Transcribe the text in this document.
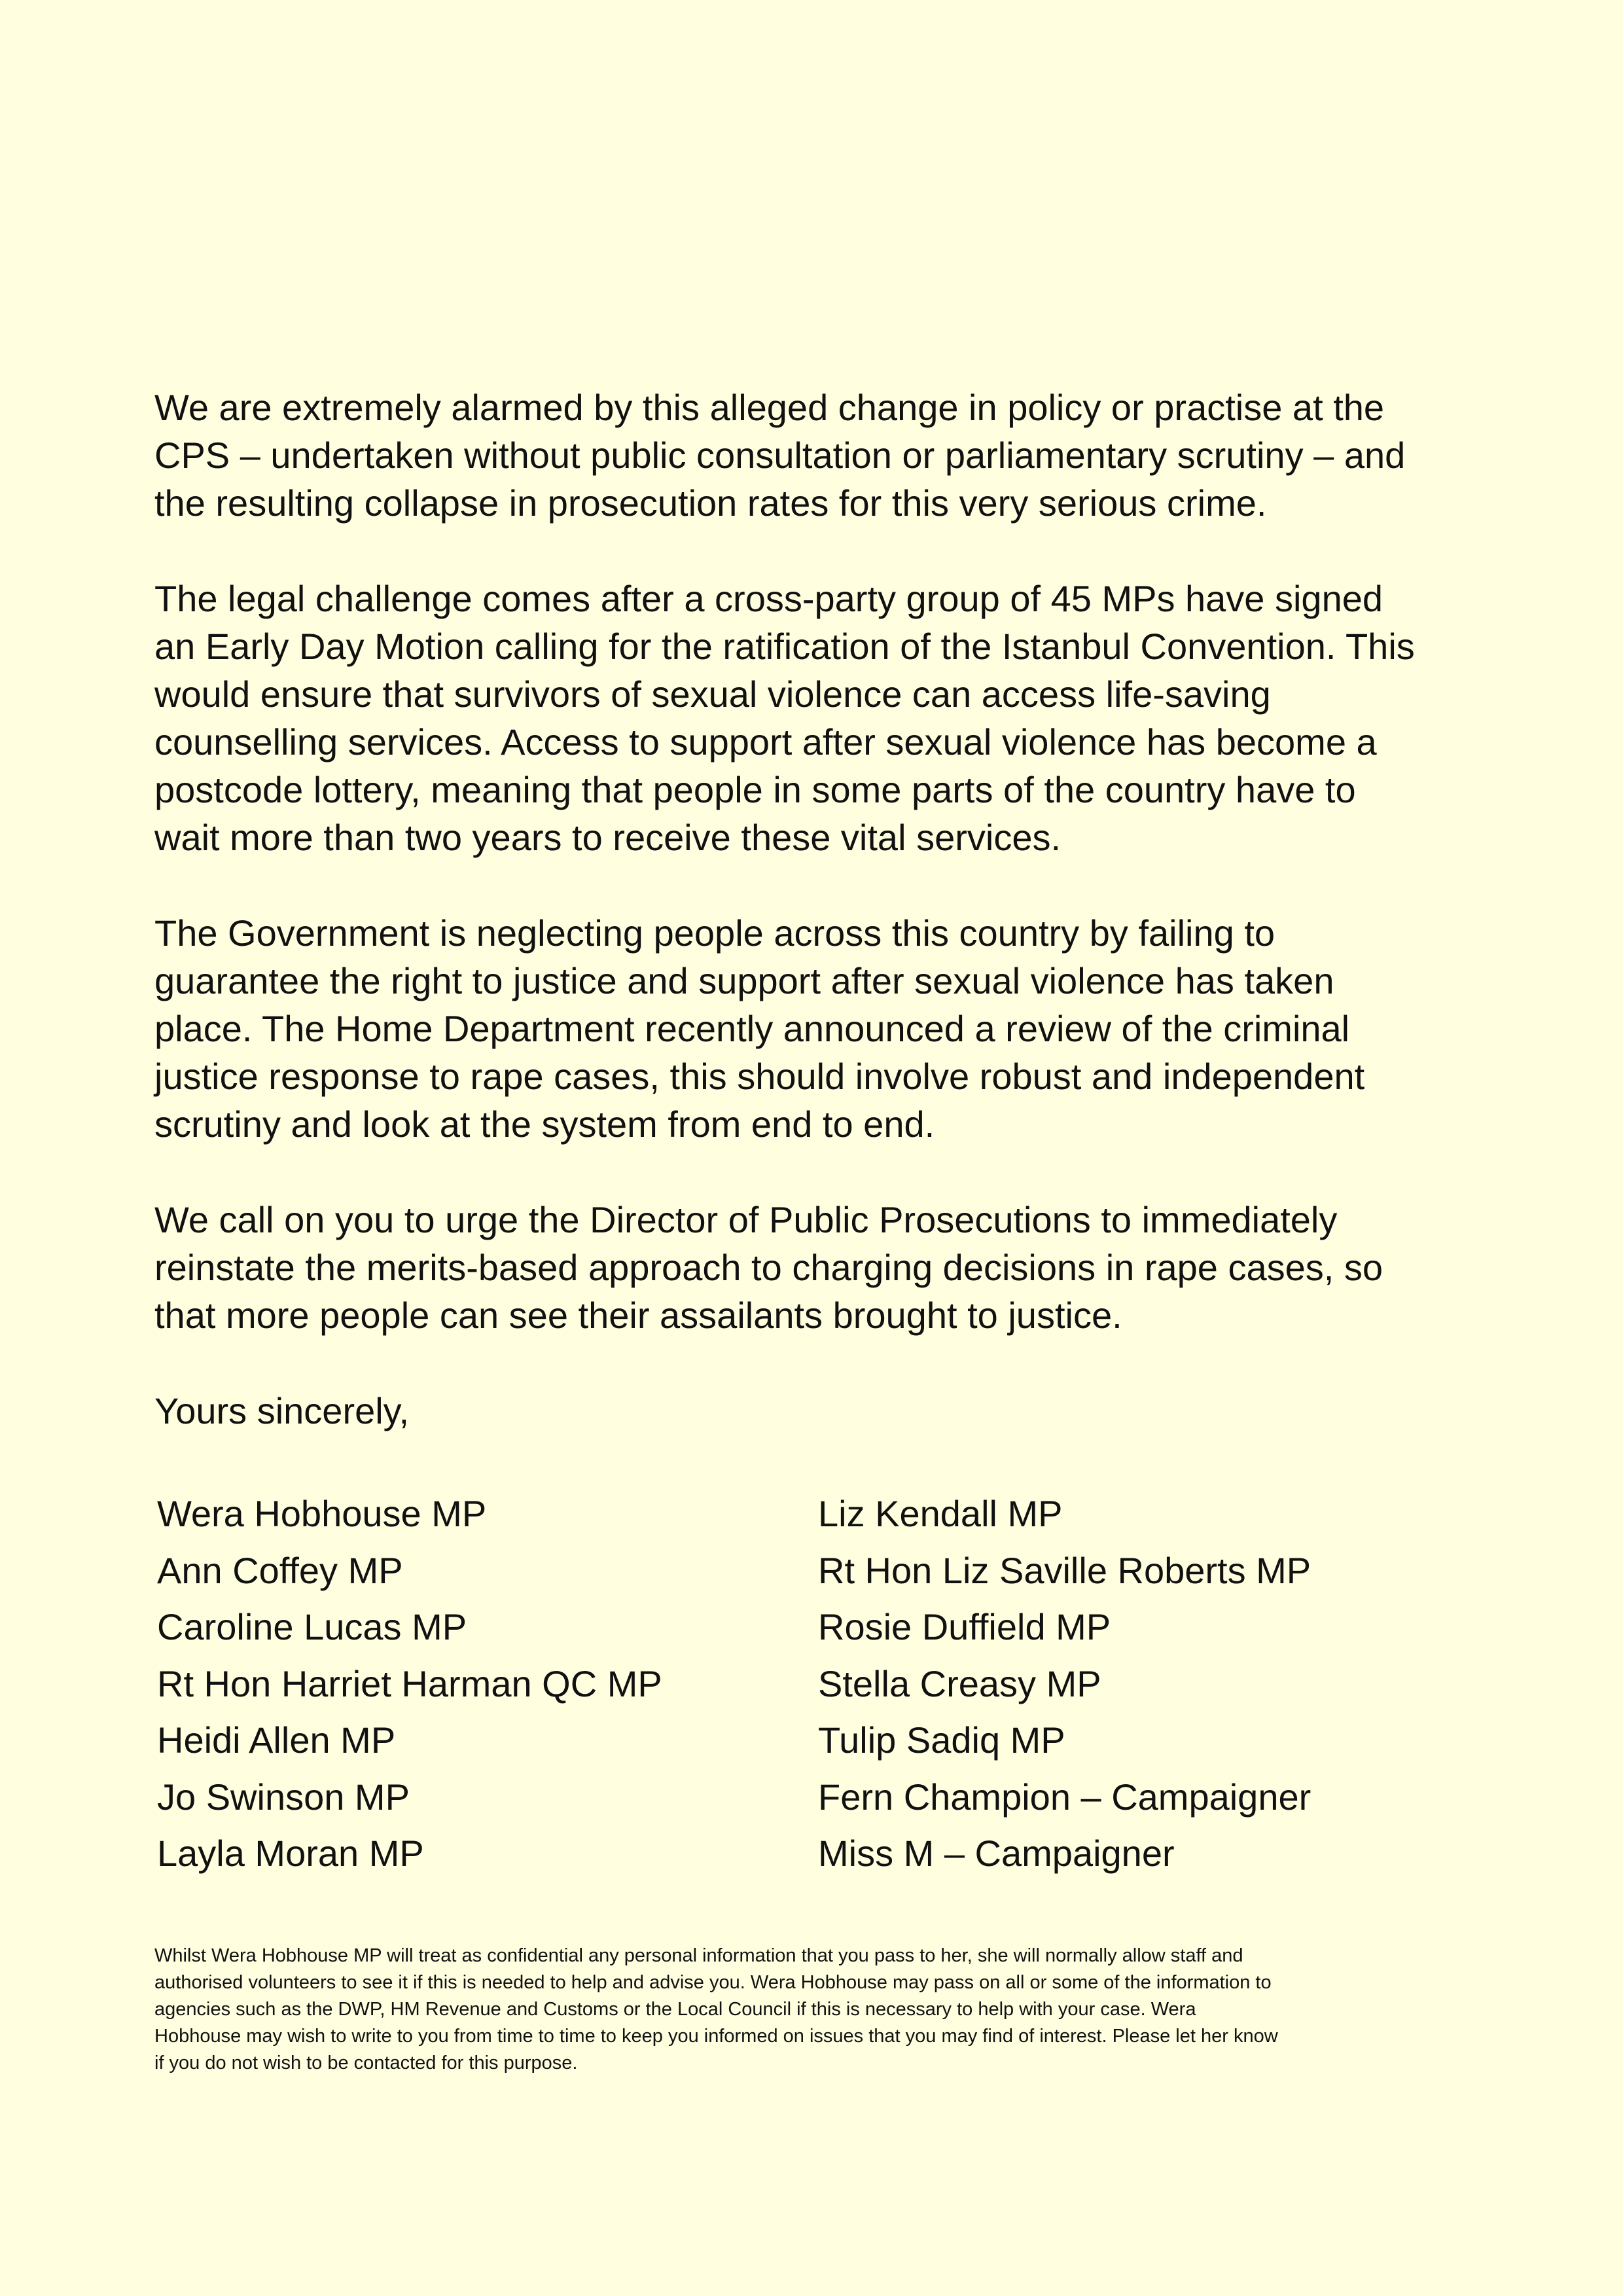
We are extremely alarmed by this alleged change in policy or practise at the
CPS – undertaken without public consultation or parliamentary scrutiny – and
the resulting collapse in prosecution rates for this very serious crime.

The legal challenge comes after a cross-party group of 45 MPs have signed
an Early Day Motion calling for the ratification of the Istanbul Convention. This
would ensure that survivors of sexual violence can access life-saving
counselling services. Access to support after sexual violence has become a
postcode lottery, meaning that people in some parts of the country have to
wait more than two years to receive these vital services.

The Government is neglecting people across this country by failing to
guarantee the right to justice and support after sexual violence has taken
place. The Home Department recently announced a review of the criminal
justice response to rape cases, this should involve robust and independent
scrutiny and look at the system from end to end.

We call on you to urge the Director of Public Prosecutions to immediately
reinstate the merits-based approach to charging decisions in rape cases, so
that more people can see their assailants brought to justice.

Yours sincerely,

Wera Hobhouse MP
Ann Coffey MP
Caroline Lucas MP
Rt Hon Harriet Harman QC MP
Heidi Allen MP
Jo Swinson MP
Layla Moran MP
Liz Kendall MP
Rt Hon Liz Saville Roberts MP
Rosie Duffield MP
Stella Creasy MP
Tulip Sadiq MP
Fern Champion – Campaigner
Miss M – Campaigner
Whilst Wera Hobhouse MP will treat as confidential any personal information that you pass to her, she will normally allow staff and
authorised volunteers to see it if this is needed to help and advise you. Wera Hobhouse may pass on all or some of the information to
agencies such as the DWP, HM Revenue and Customs or the Local Council if this is necessary to help with your case. Wera
Hobhouse may wish to write to you from time to time to keep you informed on issues that you may find of interest. Please let her know
if you do not wish to be contacted for this purpose.
